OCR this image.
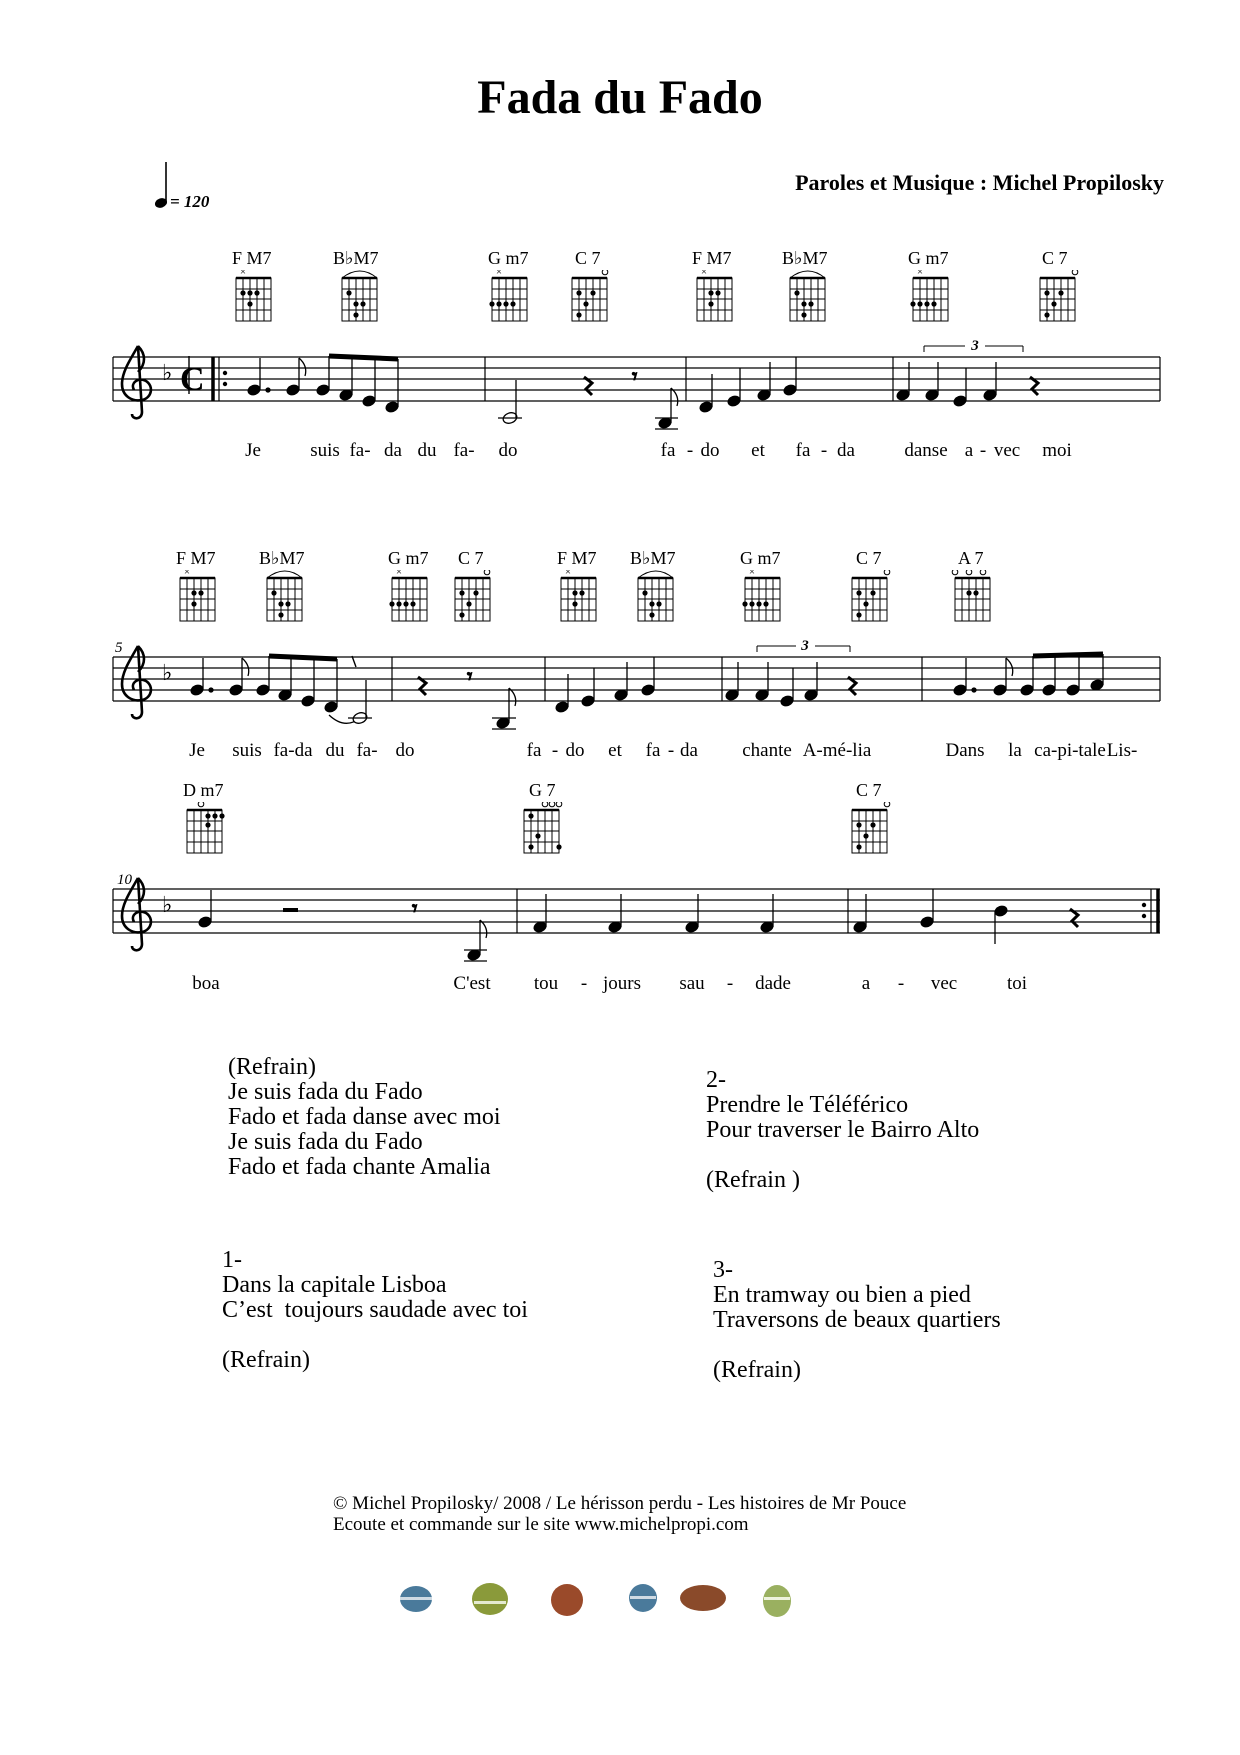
Fada du Fado
Paroles et Musique : Michel Propilosky
= 120
F M7	B♭M7	G m7	C 7	F M7	B♭M7	G m7	C 7
×	×	×	×
♭ C	𝄾
3
Je	suis fa- da du fa- do	fa - do et fa - da	danse a - vec moi
F M7 B♭M7	G m7 C 7	F M7 B♭M7	G m7	C 7	A 7
5
×	×	×	×
♭	𝄾
3
Je suis fa-da du fa- do	fa - do et fa - da chante A-mé-lia	Dans la ca-pi-tale Lis-
D m7	G 7	C 7
10
♭	𝄾
boa	C'est tou - jours sau - dade	a - vec	toi
(Refrain)
Je suis fada du Fado
Fado et fada danse avec moi
Je suis fada du Fado
Fado et fada chante Amalia
2-
Prendre le Téléférico
Pour traverser le Bairro Alto
(Refrain )
1-
Dans la capitale Lisboa
C’est  toujours saudade avec toi
(Refrain)
3-
En tramway ou bien a pied
Traversons de beaux quartiers
(Refrain)
© Michel Propilosky/ 2008 / Le hérisson perdu - Les histoires de Mr Pouce
Ecoute et commande sur le site www.michelpropi.com
